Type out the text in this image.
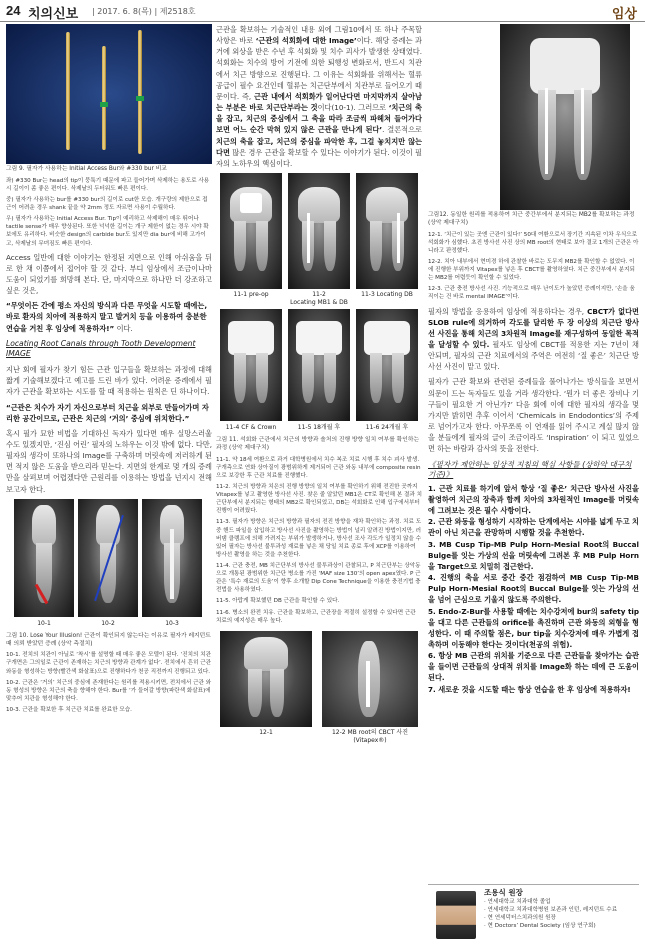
24 치의신보 | 2017. 6. 8(목) | 제2518호	임상
그림 9. 필자가 사용하는 Initial Access Bur와 #330 bur 비교
좌) #330 Bur는 head의 tip이 뭉툭기 때문에 파고 들어가며 삭제하는 용도로 사용 시 길이이 좀 좋은 편이다. 삭제날의 두터워도 빠른 편이다.
중) 필자가 사용하는 bur를 #330 bur의 길이로 cut한 모습. 개구량의 제한으로 접근이 어려운 경우 shank 끝을 약 2mm 정도 자르면 사용이 수월하다.
우) 필자가 사용하는 Initial Access Bur. Tip이 예리하고 삭제해이 매우 뛰어나 tactile sense가 매우 향상된다. 또한 넉넉한 길이는 개구 제한이 없는 경우 시야 확보에도 유리하다. 비슷한 design의 carbide bur도 있지만 dia bur에 비해 고가이고, 삭제날의 무뎌짐도 빠른 편이다.
Access 일반에 대한 이야기는 한정된 지면으로 인해 아쉬움을 뒤로 한 채 이쯤에서 접어야 할 것 같다. 부디 임상에서 조금이나마 도움이 되었기를 희망해 본다. 단, 마지막으로 하나만 더 강조하고 싶은 것은,
“무엇이든 간에 평소 자신의 방식과 다른 무엇을 시도할 때에는, 바로 환자의 치아에 적용하지 말고 발거치 등을 이용하여 충분한 연습을 거친 후 임상에 적용하자!” 이다.
Locating Root Canals through Tooth Development IMAGE
지난 회에 필자가 찾기 힘든 근관 입구들을 확보하는 과정에 대해 짧게 기술해보겠다고 예고를 드린 바가 있다. 어려운 증례에서 필자가 근관을 확보하는 시도를 할 때 적용하는 원칙은 딘 하나이다.
“근관은 치수가 자기 자신으로부터 치근을 외부로 만들어가며 자리한 공간이므로, 근관은 치근의 ‘거의’ 중심에 위치한다.”
혹시 필가 묘한 비법을 기대하신 독자가 있다면 매우 실망스러울 수도 있겠지만, ‘진심 어린’ 필자의 노하우는 이것 밖에 없다. 다만, 필자의 생각이 또하나의 Image를 구축하며 머릿속에 저러하게 된면 적지 않은 도움을 받으리라 믿는다. 지면의 한계로 몇 개의 증례만을 살펴보며 어렵겠다만 근원리를 이용하는 방법을 넌지시 전해보고자 한다.
10-1	10-2	10-3
그림 10. Lose Your Illusion! 근관이 확인되지 않는다는 이유로 필자가 레지던트 때 의뢰 받았던 증례 (상악 측절치)
10-1. 전치의 치관이 아닐로 ‘착시’를 설명할 때 매우 좋은 모델이 된다. ‘진치의 치관 구개면은 그의일로 근관이 존재하는 치근의 방향과 관계가 없다’. 전치에서 흔히 근관 와동을 형성하는 방향(빨간색 화살표)으로 진행하다가 천공 직전까지 진행되고 있다.
10-2. 근관은 ‘거의’ 치근의 중심에 존재한다는 원리를 적용시키면, 전치에서 근관 와동 형성의 방향은 치근의 축을 향해야 한다. Bur를 ‘가 들어갈 방향(파란색 화살표)에 맞추어 치관을 형성해야 한다.
10-3. 근관을 확보한 후 치근관 치료를 완료한 모습.
근관을 확보하는 기술적인 내용 외에 그림10에서 또 하나 주목할 사항은 바로 ‘근관의 석회화에 대한 Image’이다. 해당 증례는 과거에 외상을 받은 수년 후 석회화 및 치수 괴사가 발생한 상태였다. 석회화는 치수의 방어 기전에 의한 퇴행성 변화로서, 반드시 치관에서 치근 방향으로 진행된다. 그 이유는 석회화를 위해서는 혈류 공급이 필수 요건인데 혈류는 치근단부에서 치관부로 들어오기 때문이다. 즉, 근관 내에서 석회화가 일어난다면 마지막까지 살아남는 부분은 바로 치근단부라는 것이다(10-1). 그러므로 ‘치근의 축을 잡고, 치근의 중심에서 그 축을 따라 조금씩 파헤쳐 들어가다 보면 어느 순간 막혀 있지 않은 근관을 만나게 된다’. 결론적으로 치근의 축을 잡고, 치근의 중심을 파악한 후, 그걸 놓치지만 않는다면 많은 경우 근관을 확보할 수 있다는 이야기가 된다. 이것이 필자의 노하우의 핵심이다.
11-1 pre-op	11-2	11-3 Locating DB
Locating MB1 & DB
11-4 CF & Crown	11-5 18개월 후	11-6 24개월 후
그림 11. 석회화 근관에서 치근의 방향과 솔처의 진행 방향 일치 여부를 확인하는 과정 (상악 제대구치)
11-1. 약 18세 여환으로 과거 대학병원에서 치수 복조 치료 시행 후 치수 괴사 발생. 구개측으로 연화 상아질이 광범위하게 제거되어 근관 와동 내부에 composite resin으로 보강한 후 근관 치료를 진행했다.
11-2. 치근의 방향과 치은의 진행 방향의 일치 여부를 확인하기 위해 전진한 곳까지 Vitapex를 넣고 촬영한 방사선 사진. 찾은 줄 알았던 MB1은 CT로 확인해 본 결과 치근단부에서 분지되는 형태의 MB2로 확인되었고, DB는 석회화로 인해 입구에서부터 진행이 어려웠다.
11-3. 필자가 방향은 치근의 방향과 필자의 전진 방향을 재차 확인하는 과정. 치료 도중 핸드 파일을 삽입하고 방사선 사진을 촬영하는 방법이 널리 알려진 방법이지만, 러버댐 클램프에 의해 가려지는 부위가 발생하거나, 방사선 조사 각도가 일정치 않을 수 있어 필자는 방사선 불투과성 재료를 넣은 채 당일 치료 종료 후에 XCP를 이용하여 방사선 촬영을 하는 것을 추천한다.
11-4. 근관 충전, MB 치근단부의 방사선 불투과상이 관찰되고, P 치근단부는 상악동으로 개통된 광범위한 치근단 병소를 가진 ‘MAF size 130’의 open apex였다. P 근관은 ‘특수 재료의 도움’이 향후 소개할 Dip Cone Technique을 이용한 충전기법 충전법을 사용하였다.
11-5. 아랍게 확보했던 DB 근관을 확인할 수 있다.
11-6. 병소의 완전 치유. 근관을 확보하고, 근관장을 적절히 설정할 수 있다면 근관 치료의 예지성은 매우 높다.
12-1	12-2 MB root의 CBCT 사진 (Vitapex®)
그림12. 동일한 원리를 적용하여 치근 중간부에서 분지되는 MB2를 확보하는 과정 (상악 제대구치)
12-1. ‘치근이 있는 곳엔 근관이 있다!’ 50대 여환으로서 장기간 지속된 이차 우식으로 석회화가 심했다. 초진 방사선 사진 상의 MB root의 현태로 보아 결코 1개의 근관은 아니라고 판정했다.
12-2. 치아 내부에서 현미경 하에 관찰한 바로는 도무지 MB2를 확인할 수 없었다. 이에 진행한 부위까지 Vitapex를 넣은 후 CBCT를 촬영하였다. 치근 중간부에서 분지되는 MB2를 어렵듯이 확인할 수 있었다.
12-3. 근관 충전 방사선 사진. 기능적으로 매우 난이도가 높았던 증례이지만, ‘손을 움직이는 건 바로 mental IMAGE’이다.
필자의 방법을 응용하여 임상에 적용하다는 경우, CBCT가 없다면 SLOB rule에 의거하여 각도를 달리한 두 장 이상의 치근단 방사선 사진을 통해 치근의 3차원적 Image를 재구성하여 동일한 목적을 달성할 수 있다. 필자도 임상에 CBCT를 적용한 지는 7년이 채 안되며, 필자의 근관 치료에서의 주역은 여전히 ‘질 좋은’ 치근단 방사선 사진이 맡고 있다.
필자가 근관 확보와 관련된 증례들을 풀어나가는 방식들을 보면서 의문이 드는 독자들도 있을 거라 생각한다. ‘뭔가 더 좋은 장비나 기구들이 필요한 거 아닌가?’ 다음 회에 이에 대한 필자의 생각을 몇 가지만 밝히면 추후 이어서 ‘Chemicals in Endodontics’의 주제로 넘어가고자 한다. 아무쪼록 이 연재를 읽어 주시고 계실 많지 않을 분들에게 필자의 글이 조금이라도 ‘Inspiration’ 이 되고 있었으면 하는 바람과 감사의 뜻을 전한다.
《필자가 제안하는 임상적 지침의 핵심 사항들 (상하악 대구치 기준)》
1. 근관 치료를 하기에 앞서 항상 ‘질 좋은’ 치근단 방사선 사진을 촬영하여 치근의 장축과 함께 치아의 3차원적인 Image를 머릿속에 그려보는 것은 필수 사항이다.
2. 근관 와동을 형성하기 시작하는 단계에서는 시야를 넓게 두고 치관이 아닌 치근을 관망하며 시행할 것을 추천한다.
3. MB Cusp Tip-MB Pulp Horn-Mesial Root의 Buccal Bulge를 잇는 가상의 선을 머릿속에 그려본 후 MB Pulp Horn을 Target으로 치밀히 접근한다.
4. 진행의 축을 서로 중간 중간 점검하여 MB Cusp Tip-MB Pulp Horn-Mesial Root의 Buccal Bulge를 잇는 가상의 선을 넘어 근심으로 기울지 않도록 주의한다.
5. Endo-Z-Bur를 사용할 때에는 치수강저에 bur의 safety tip을 대고 다른 근관들의 orifice를 촉진하며 근관 와동의 외형을 형성한다. 이 때 주의할 점은, bur tip을 치수강저에 매우 가볍게 접촉하며 이동해야 한다는 것이다(천공의 위험).
6. 항상 MB 근관의 위치를 기준으로 다른 근관들을 찾아가는 습관을 들이면 근관들의 상대적 위치를 Image화 하는 데에 큰 도움이 된다.
7. 새로운 것을 시도할 때는 항상 연습을 한 후 임상에 적용하자!
조용식 원장
· 연세대학교 치과대학 졸업
· 연세대학교 치과대학병원 보존과 인턴, 레지던트 수료
· 현 연세덕터스치과의원 원장
· 현 Doctors’ Dental Society (임상 연구회)
